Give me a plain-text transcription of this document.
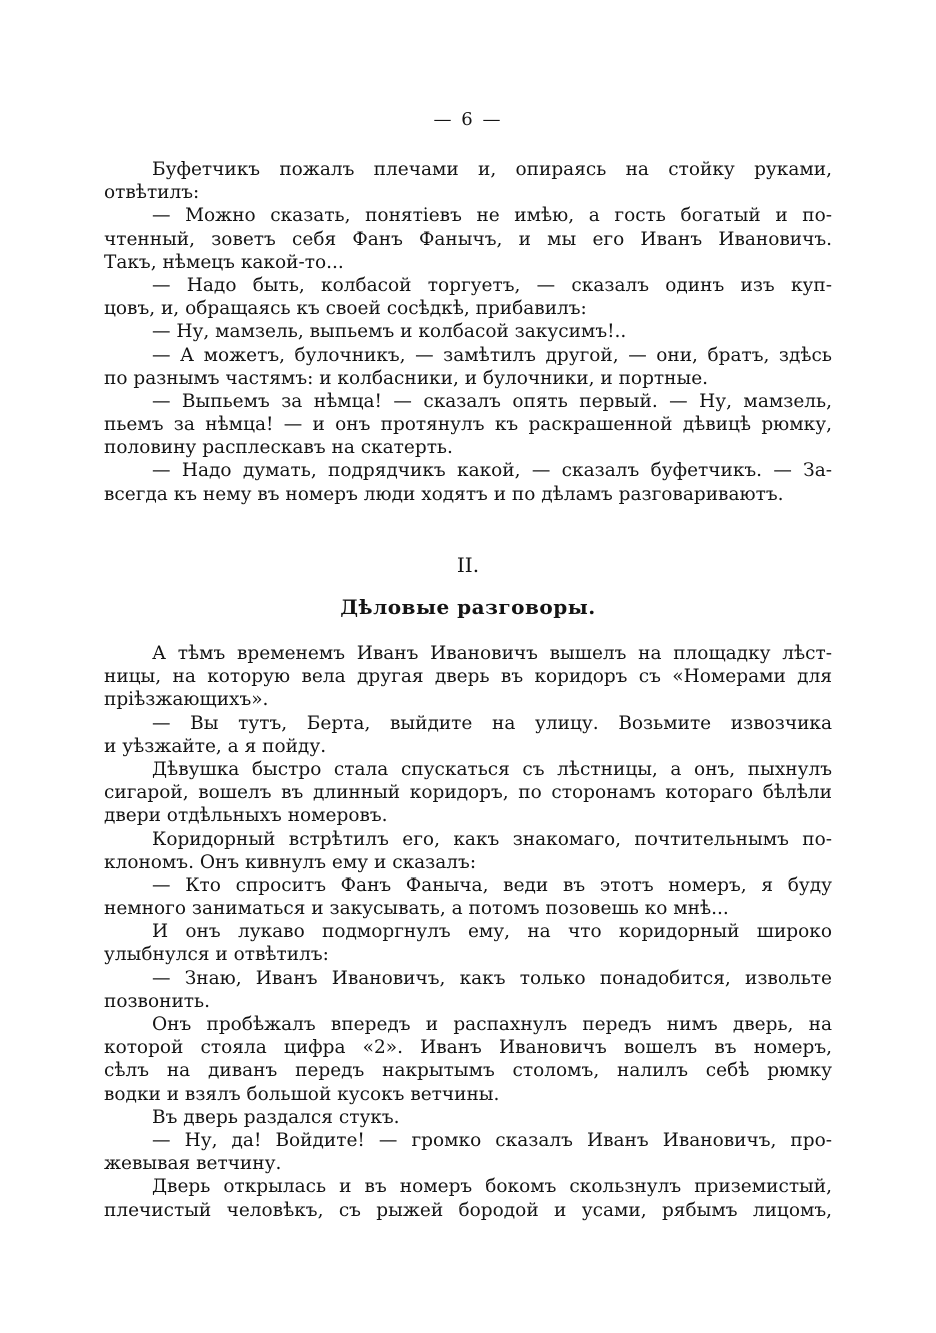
— 6 —
Буфетчикъ пожалъ плечами и, опираясь на стойку руками,
отвѣтилъ:
— Можно сказать, понятіевъ не имѣю, а гость богатый и по-
чтенный, зоветъ себя Фанъ Фанычъ, и мы его Иванъ Ивановичъ.
Такъ, нѣмецъ какой-то...
— Надо быть, колбасой торгуетъ, — сказалъ одинъ изъ куп-
цовъ, и, обращаясь къ своей сосѣдкѣ, прибавилъ:
— Ну, мамзель, выпьемъ и колбасой закусимъ!..
— А можетъ, булочникъ, — замѣтилъ другой, — они, братъ, здѣсь
по разнымъ частямъ: и колбасники, и булочники, и портные.
— Выпьемъ за нѣмца! — сказалъ опять первый. — Ну, мамзель,
пьемъ за нѣмца! — и онъ протянулъ къ раскрашенной дѣвицѣ рюмку,
половину расплескавъ на скатерть.
— Надо думать, подрядчикъ какой, — сказалъ буфетчикъ. — За-
всегда къ нему въ номеръ люди ходятъ и по дѣламъ разговариваютъ.
II.
Дѣловые разговоры.
А тѣмъ временемъ Иванъ Ивановичъ вышелъ на площадку лѣст-
ницы, на которую вела другая дверь въ коридоръ съ «Номерами для
пріѣзжающихъ».
— Вы тутъ, Берта, выйдите на улицу. Возьмите извозчика
и уѣзжайте, а я пойду.
Дѣвушка быстро стала спускаться съ лѣстницы, а онъ, пыхнулъ
сигарой, вошелъ въ длинный коридоръ, по сторонамъ котораго бѣлѣли
двери отдѣльныхъ номеровъ.
Коридорный встрѣтилъ его, какъ знакомаго, почтительнымъ по-
клономъ. Онъ кивнулъ ему и сказалъ:
— Кто спроситъ Фанъ Фаныча, веди въ этотъ номеръ, я буду
немного заниматься и закусывать, а потомъ позовешь ко мнѣ...
И онъ лукаво подморгнулъ ему, на что коридорный широко
улыбнулся и отвѣтилъ:
— Знаю, Иванъ Ивановичъ, какъ только понадобится, извольте
позвонить.
Онъ пробѣжалъ впередъ и распахнулъ передъ нимъ дверь, на
которой стояла цифра «2». Иванъ Ивановичъ вошелъ въ номеръ,
сѣлъ на диванъ передъ накрытымъ столомъ, налилъ себѣ рюмку
водки и взялъ большой кусокъ ветчины.
Въ дверь раздался стукъ.
— Ну, да! Войдите! — громко сказалъ Иванъ Ивановичъ, про-
жевывая ветчину.
Дверь открылась и въ номеръ бокомъ скользнулъ приземистый,
плечистый человѣкъ, съ рыжей бородой и усами, рябымъ лицомъ,
